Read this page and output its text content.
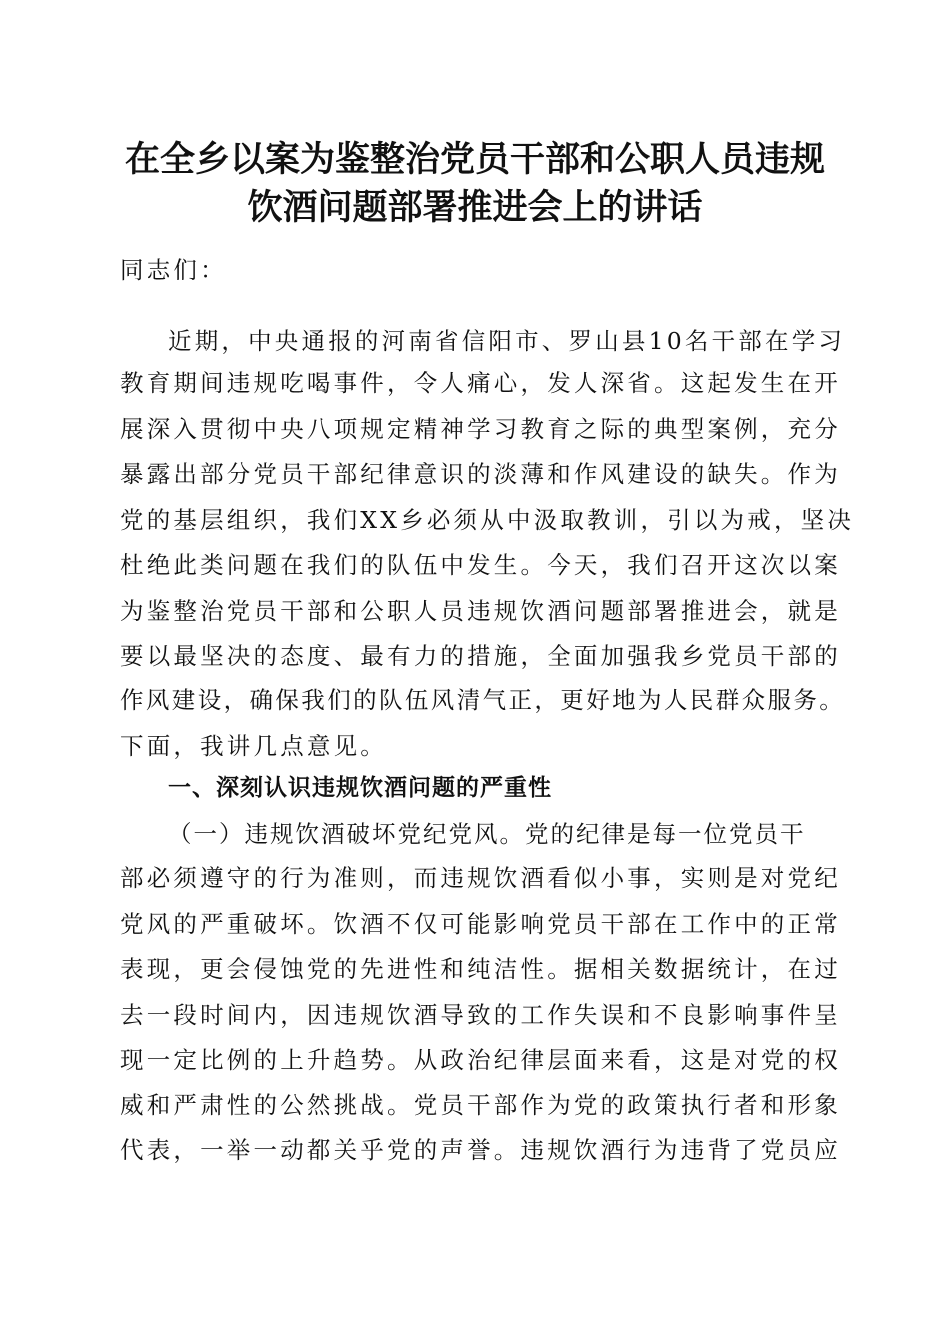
在全乡以案为鉴整治党员干部和公职人员违规
饮酒问题部署推进会上的讲话

同志们：

近期，中央通报的河南省信阳市、罗山县10名干部在学习

教育期间违规吃喝事件，令人痛心，发人深省。这起发生在开

展深入贯彻中央八项规定精神学习教育之际的典型案例，充分

暴露出部分党员干部纪律意识的淡薄和作风建设的缺失。作为

党的基层组织，我们XX乡必须从中汲取教训，引以为戒，坚决

杜绝此类问题在我们的队伍中发生。今天，我们召开这次以案

为鉴整治党员干部和公职人员违规饮酒问题部署推进会，就是

要以最坚决的态度、最有力的措施，全面加强我乡党员干部的

作风建设，确保我们的队伍风清气正，更好地为人民群众服务。

下面，我讲几点意见。

一、深刻认识违规饮酒问题的严重性

（一）违规饮酒破坏党纪党风。党的纪律是每一位党员干

部必须遵守的行为准则，而违规饮酒看似小事，实则是对党纪

党风的严重破坏。饮酒不仅可能影响党员干部在工作中的正常

表现，更会侵蚀党的先进性和纯洁性。据相关数据统计，在过

去一段时间内，因违规饮酒导致的工作失误和不良影响事件呈

现一定比例的上升趋势。从政治纪律层面来看，这是对党的权

威和严肃性的公然挑战。党员干部作为党的政策执行者和形象

代表，一举一动都关乎党的声誉。违规饮酒行为违背了党员应
